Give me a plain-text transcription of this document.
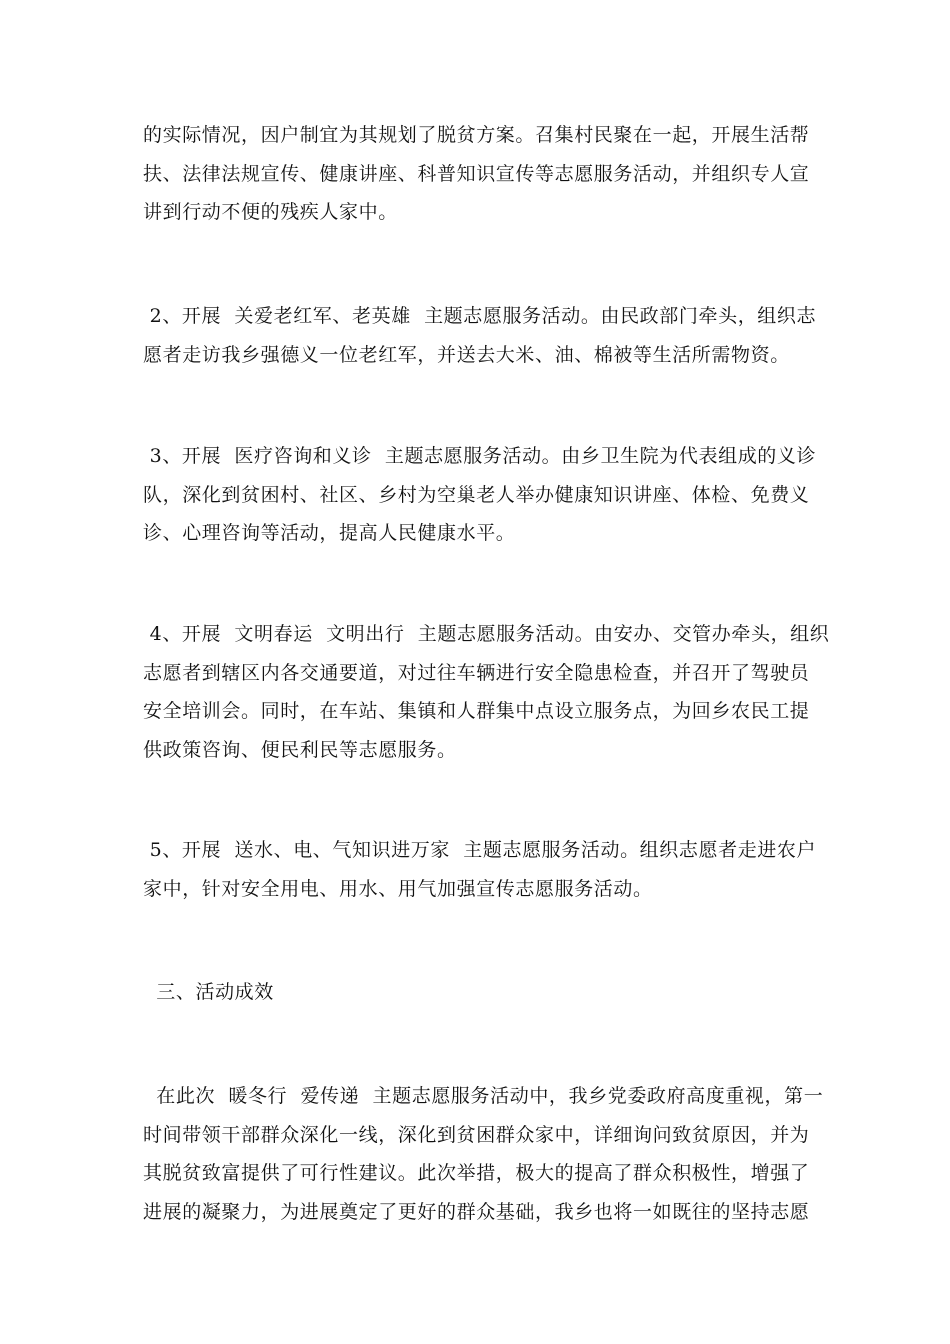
的实际情况，因户制宜为其规划了脱贫方案。召集村民聚在一起，开展生活帮
扶、法律法规宣传、健康讲座、科普知识宣传等志愿服务活动，并组织专人宣
讲到行动不便的残疾人家中。

2、开展  关爱老红军、老英雄  主题志愿服务活动。由民政部门牵头，组织志
愿者走访我乡强德义一位老红军，并送去大米、油、棉被等生活所需物资。

3、开展  医疗咨询和义诊  主题志愿服务活动。由乡卫生院为代表组成的义诊
队，深化到贫困村、社区、乡村为空巢老人举办健康知识讲座、体检、免费义
诊、心理咨询等活动，提高人民健康水平。

4、开展  文明春运  文明出行  主题志愿服务活动。由安办、交管办牵头，组织
志愿者到辖区内各交通要道，对过往车辆进行安全隐患检查，并召开了驾驶员
安全培训会。同时，在车站、集镇和人群集中点设立服务点，为回乡农民工提
供政策咨询、便民利民等志愿服务。

5、开展  送水、电、气知识进万家  主题志愿服务活动。组织志愿者走进农户
家中，针对安全用电、用水、用气加强宣传志愿服务活动。

三、活动成效

在此次  暖冬行  爱传递  主题志愿服务活动中，我乡党委政府高度重视，第一
时间带领干部群众深化一线，深化到贫困群众家中，详细询问致贫原因，并为
其脱贫致富提供了可行性建议。此次举措，极大的提高了群众积极性，增强了
进展的凝聚力，为进展奠定了更好的群众基础，我乡也将一如既往的坚持志愿
